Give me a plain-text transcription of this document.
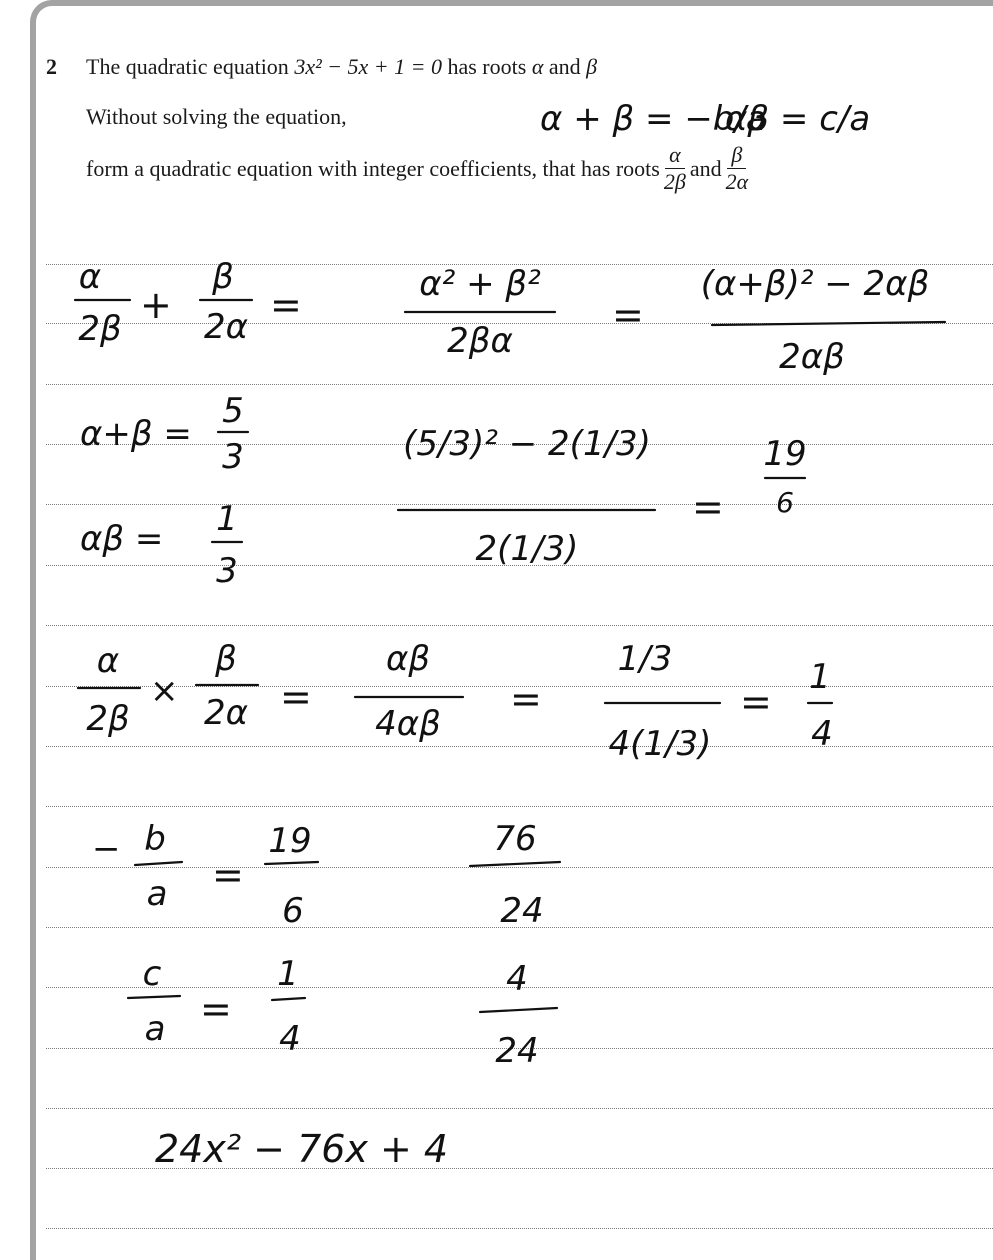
2 The quadratic equation 3x² − 5x + 1 = 0 has roots α and β
Without solving the equation,
form a quadratic equation with integer coefficients, that has roots $\frac{\alpha}{2\beta}$ and $\frac{\beta}{2\alpha}$
α + β = −b/a
αβ = c/a
α
2β
+
β
2α =	α² + β²
2βα
=
(α+β)² − 2αβ
2αβ
α+β =
5
3	(5/3)² − 2(1/3)
2(1/3)
=
19
6
αβ = 1
3
α
2β
×
β
2α =
αβ
4αβ
=
1/3
4(1/3)
=
1
4
− b
a =
19
6
76
24
c
a =
1
4
4
24
24x² − 76x + 4
